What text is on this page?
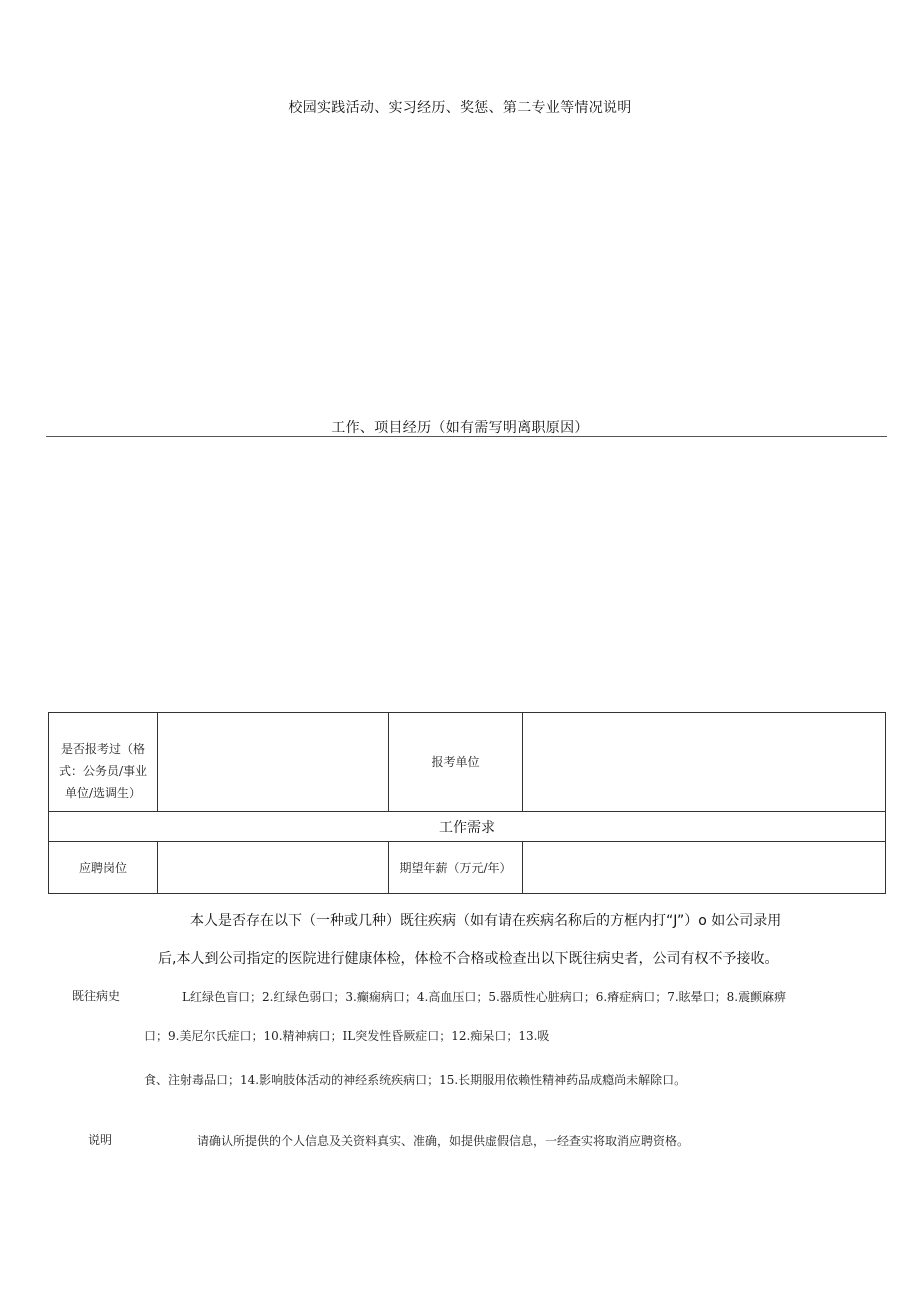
校园实践活动、实习经历、奖惩、第二专业等情况说明
工作、项目经历（如有需写明离职原因）
是否报考过（格
式：公务员/事业
单位/选调生）		报考单位	
工作需求			
应聘岗位		期望年薪（万元/年）	
本人是否存在以下（一种或几种）既往疾病（如有请在疾病名称后的方框内打“J”）o 如公司录用
后,本人到公司指定的医院进行健康体检，体检不合格或检查出以下既往病史者，公司有权不予接收。
既往病史	L红绿色盲口；2.红绿色弱口；3.癫痫病口；4.高血压口；5.器质性心脏病口；6.瘠症病口；7.眩晕口；8.震颤麻痹
口；9.美尼尔氏症口；10.精神病口；IL突发性昏厥症口；12.痴呆口；13.吸
食、注射毒品口；14.影响肢体活动的神经系统疾病口；15.长期服用依赖性精神药品成瘾尚未解除口。
说明	请确认所提供的个人信息及关资料真实、准确，如提供虚假信息，一经查实将取消应聘资格。
